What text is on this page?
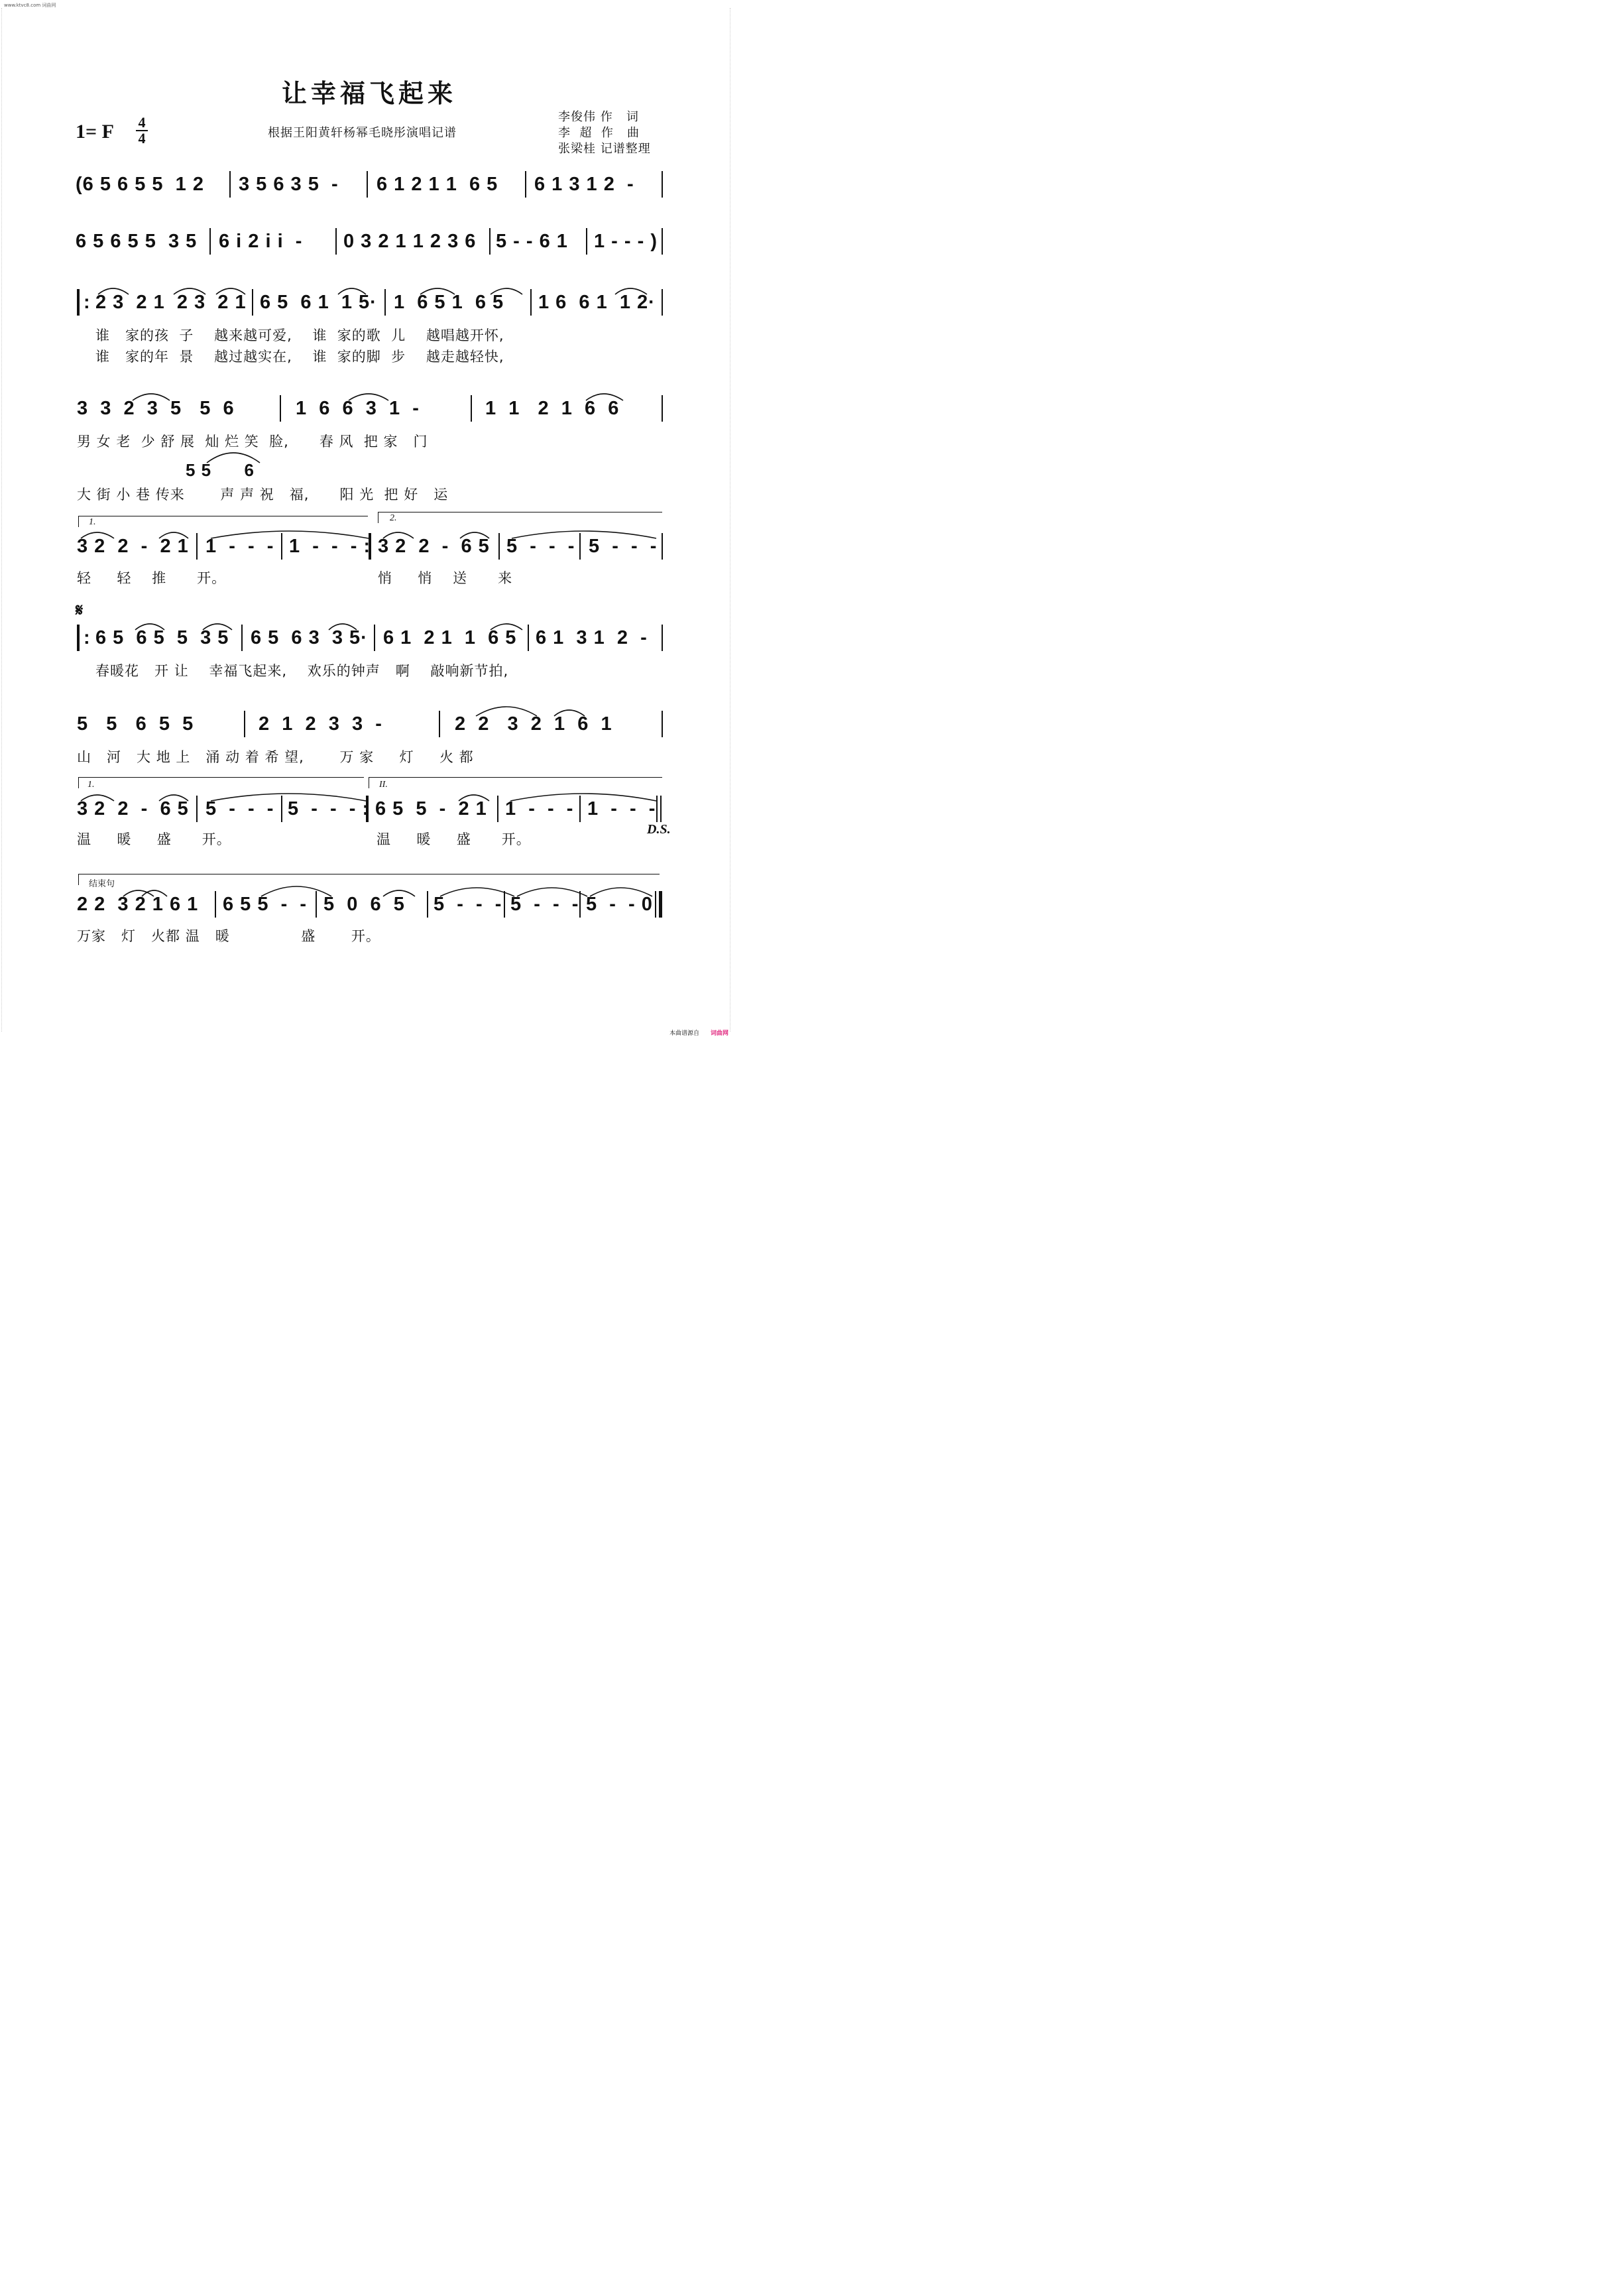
www.ktvc8.com 词曲网
让幸福飞起来
1= F 4
4	根据王阳黄轩杨幂毛晓彤演唱记谱
李俊伟 作   词
李  超  作   曲
张梁桂 记谱整理
(6 5 6 5 5  1 2 3 5 6 3 5  - 6 1 2 1 1  6 5 6 1 3 1 2  -
6 5 6 5 5  3 5 6 i 2 i i  - 0 3 2 1 1 2 3 6 5 - - 6 1 1 - - - )
: 2 3  2 1  2 3  2 1 6 5  6 1  1 5· 1  6 5 1  6 5 1 6  6 1  1 2·
谁   家的孩  子    越来越可爱,    谁  家的歌  儿    越唱越开怀,
谁   家的年  景    越过越实在,    谁  家的脚  步    越走越轻快,
3  3  2  3  5   5  6	1  6  6  3  1  -	1  1   2  1  6  6
男 女 老  少 舒 展  灿 烂 笑  脸,      春 风  把 家   门
5 5      6
大 街 小 巷 传来       声 声 祝   福,      阳 光  把 好   运
1.	2.
3 2  2  -  2 1 1  -  -  - 1  -  -  - : 3 2  2  -  6 5 5  -  -  - 5  -  -  -
轻     轻    推      开。	悄     悄    送      来
𝄋
: 6 5  6 5  5  3 5 6 5  6 3  3 5· 6 1  2 1  1  6 5 6 1  3 1  2  -
春暖花   开 让    幸福飞起来,    欢乐的钟声   啊    敲响新节拍,
5   5   6  5  5	2  1  2  3  3  -	2  2   3  2  1  6  1
山   河   大 地 上   涌 动 着 希 望,       万 家     灯     火 都
1.	II.
3 2  2  -  6 5 5  -  -  - 5  -  -  - : 6 5  5  -  2 1 1  -  -  - 1  -  -  -
D.S.
温     暖     盛      开。	温     暖     盛      开。
结束句
2 2  3 2 1 6 1 6 5 5  -  - 5  0  6  5 5  -  -  - 5  -  -  - 5  -  - 0
万家   灯   火都 温   暖              盛       开。
本曲谱源自 词曲网
